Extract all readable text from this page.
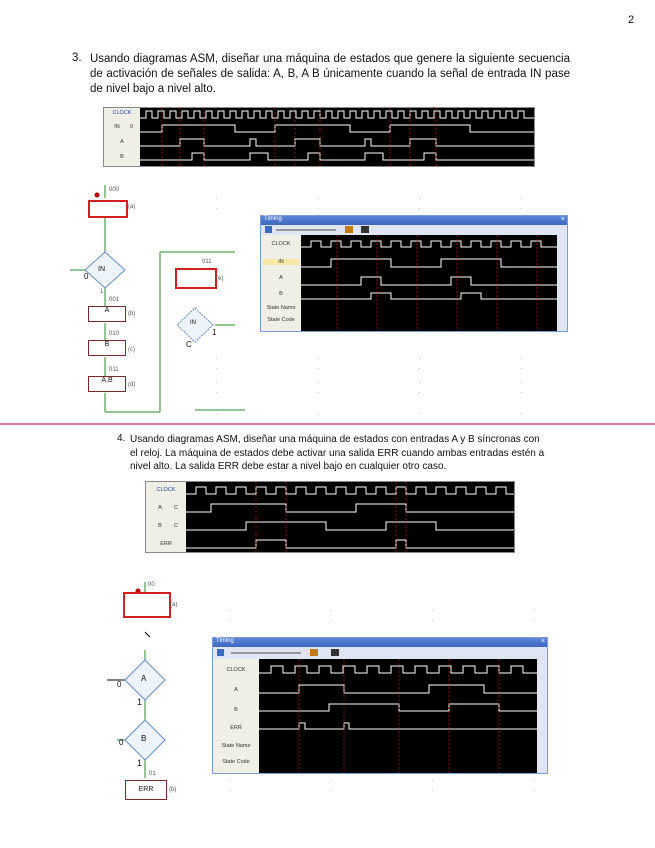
2
3. Usando diagramas ASM, diseñar una máquina de estados que genere la siguiente secuencia de activación de señales de salida: A, B, A B únicamente cuando la señal de entrada IN pase de nivel bajo a nivel alto.
CLOCK
IN	0
A
B
000
(a)
IN
0
1
A
001
(b)
B
010
(c)
A,B
011
(d)
011
(e)
IN
C
1
· · · · · · · ·
· · · · · · · ·
· · · · · · · ·
· · · ·
Timing	×
CLOCK
IN
A
B
State Name
State Code
4. Usando diagramas ASM, diseñar una máquina de estados con entradas A y B síncronas con el reloj. La máquina de estados debe activar una salida ERR cuando ambas entradas estén a nivel alto. La salida ERR debe estar a nivel bajo en cualquier otro caso.
CLOCK
A	C
B	C
ERR
00
(a)
A
0
1
B
0
1
ERR
01
(b)
· · · · · · · ·
· · · · · · · ·
Timing	×
CLOCK
A
B
ERR
State Name
State Code
